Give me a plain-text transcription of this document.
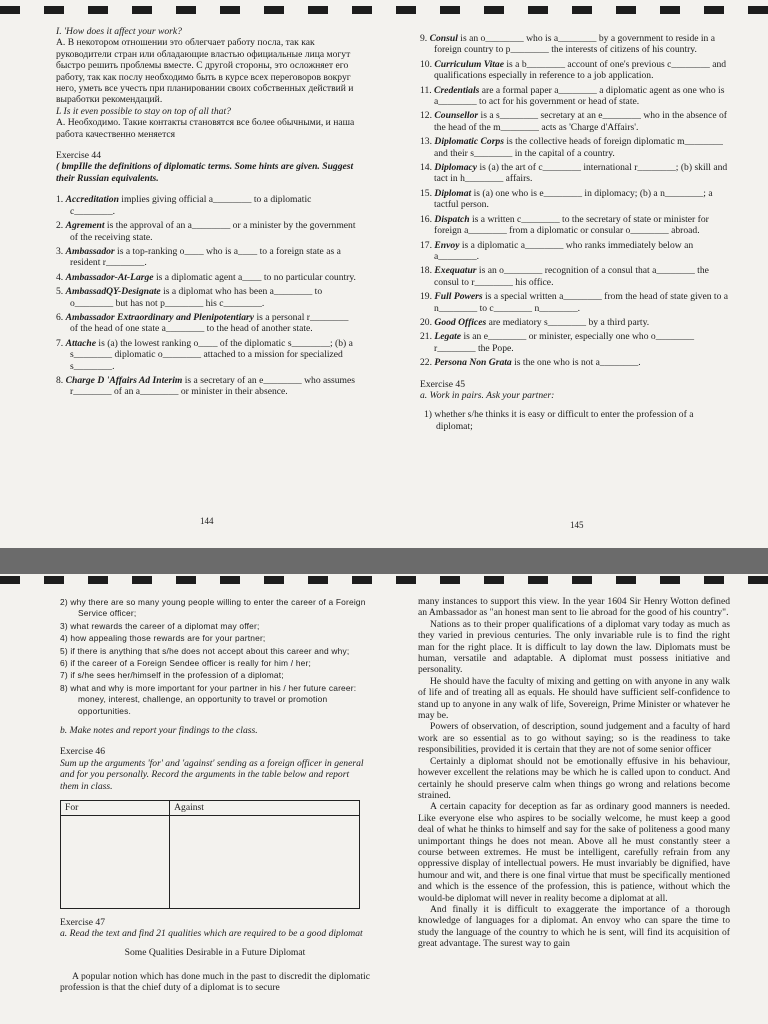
I. 'How does it affect your work?

A. В некотором отношении это облегчает работу посла, так как руководители стран или обладающие властью официальные лица могут быстро решить проблемы вместе. С другой стороны, это осложняет его работу, так как послу необходимо быть в курсе всех переговоров вокруг него, уметь все учесть при планировании своих собственных действий и выработки рекомендаций.

L Is it even possible to stay on top of all that?

A. Необходимо. Такие контакты становятся все более обычными, и наша работа качественно меняется

Exercise 44

( bmpIlle the definitions of diplomatic terms. Some hints are given. Suggest their Russian equivalents.

1. Accreditation implies giving official a________ to a diplomatic c________.

2. Agrement is the approval of an a________ or a minister by the government of the receiving state.

3. Ambassador is a top-ranking o____ who is a____ to a foreign state as a resident r________.

4. Ambassador-At-Large is a diplomatic agent a____ to no particular country.

5. AmbassadQY-Designate is a diplomat who has been a________ to o________ but has not p________ his c________.

6. Ambassador Extraordinary and Plenipotentiary is a personal r________ of the head of one state a________ to the head of another state.

7. Attache is (a) the lowest ranking o____ of the diplomatic s________; (b) a s________ diplomatic o________ attached to a mission for specialized s________.

8. Charge D 'Affairs Ad Interim is a secretary of an e________ who assumes r________ of an a________ or minister in their absence.

144

9. Consul is an o________ who is a________ by a government to reside in a foreign country to p________ the interests of citizens of his country.

10. Curriculum Vitae is a b________ account of one's previous c________ and qualifications especially in reference to a job application.

11. Credentials are a formal paper a________ a diplomatic agent as one who is a________ to act for his government or head of state.

12. Counsellor is a s________ secretary at an e________ who in the absence of the head of the m________ acts as 'Charge d'Affairs'.

13. Diplomatic Corps is the collective heads of foreign diplomatic m________ and their s________ in the capital of a country.

14. Diplomacy is (a) the art of c________ international r________; (b) skill and tact in h________ affairs.

15. Diplomat is (a) one who is e________ in diplomacy; (b) a n________; a tactful person.

16. Dispatch is a written c________ to the secretary of state or minister for foreign a________ from a diplomatic or consular o________ abroad.

17. Envoy is a diplomatic a________ who ranks immediately below an a________.

18. Exequatur is an o________ recognition of a consul that a________ the consul to r________ his office.

19. Full Powers is a special written a________ from the head of state given to a n________ to c________ n________.

20. Good Offices are mediatory s________ by a third party.

21. Legate is an e________ or minister, especially one who o________ r________ the Pope.

22. Persona Non Grata is the one who is not a________.

Exercise 45

a. Work in pairs. Ask your partner:

1) whether s/he thinks it is easy or difficult to enter the profession of a diplomat;

145

2) why there are so many young people willing to enter the career of a Foreign Service officer;

3) what rewards the career of a diplomat may offer;

4) how appealing those rewards are for your partner;

5) if there is anything that s/he does not accept about this career and why;

6) if the career of a Foreign Sendee officer is really for him / her;

7) if s/he sees her/himself in the profession of a diplomat;

8) what and why is more important for your partner in his / her future career: money, interest, challenge, an opportunity to travel or promotion opportunities.

b. Make notes and report your findings to the class.

Exercise 46

Sum up the arguments 'for' and 'against' sending as a foreign officer in general and for you personally. Record the arguments in the table below and report them in class.

For	Against

Exercise 47

a. Read the text and find 21 qualities which are required to be a good diplomat

Some Qualities Desirable in a Future Diplomat

A popular notion which has done much in the past to discredit the diplomatic profession is that the chief duty of a diplomat is to secure

many instances to support this view. In the year 1604 Sir Henry Wotton defined an Ambassador as "an honest man sent to lie abroad for the good of his country".

Nations as to their proper qualifications of a diplomat vary today as much as they varied in previous centuries. The only invariable rule is to find the right man for the right place. It is difficult to lay down the law. Diplomats must be human, versatile and adaptable. A diplomat must possess initiative and personality.

He should have the faculty of mixing and getting on with anyone in any walk of life and of treating all as equals. He should have sufficient self-confidence to stand up to anyone in any walk of life, Sovereign, Prime Minister or whatever he may be.

Powers of observation, of description, sound judgement and a faculty of hard work are so essential as to go without saying; so is the readiness to take responsibilities, provided it is certain that they are not of some senior officer

Certainly a diplomat should not be emotionally effusive in his behaviour, however excellent the relations may be which he is called upon to conduct. And certainly he should preserve calm when things go wrong and relations become strained.

A certain capacity for deception as far as ordinary good manners is needed. Like everyone else who aspires to be socially welcome, he must keep a good deal of what he thinks to himself and say for the sake of politeness a good many unimportant things he does not mean. Above all he must constantly steer a course between extremes. He must be intelligent, carefully refrain from any oppressive display of intellectual powers. He must invariably be dignified, have humour and wit, and there is one final virtue that must be specifically mentioned and which is the essence of the profession, this is patience, without which the would-be diplomat will never in reality become a diplomat at all.

And finally it is difficult to exaggerate the importance of a thorough knowledge of languages for a diplomat. An envoy who can spare the time to study the language of the country to which he is sent, will find its acquisition of great advantage. The surest way to gain
